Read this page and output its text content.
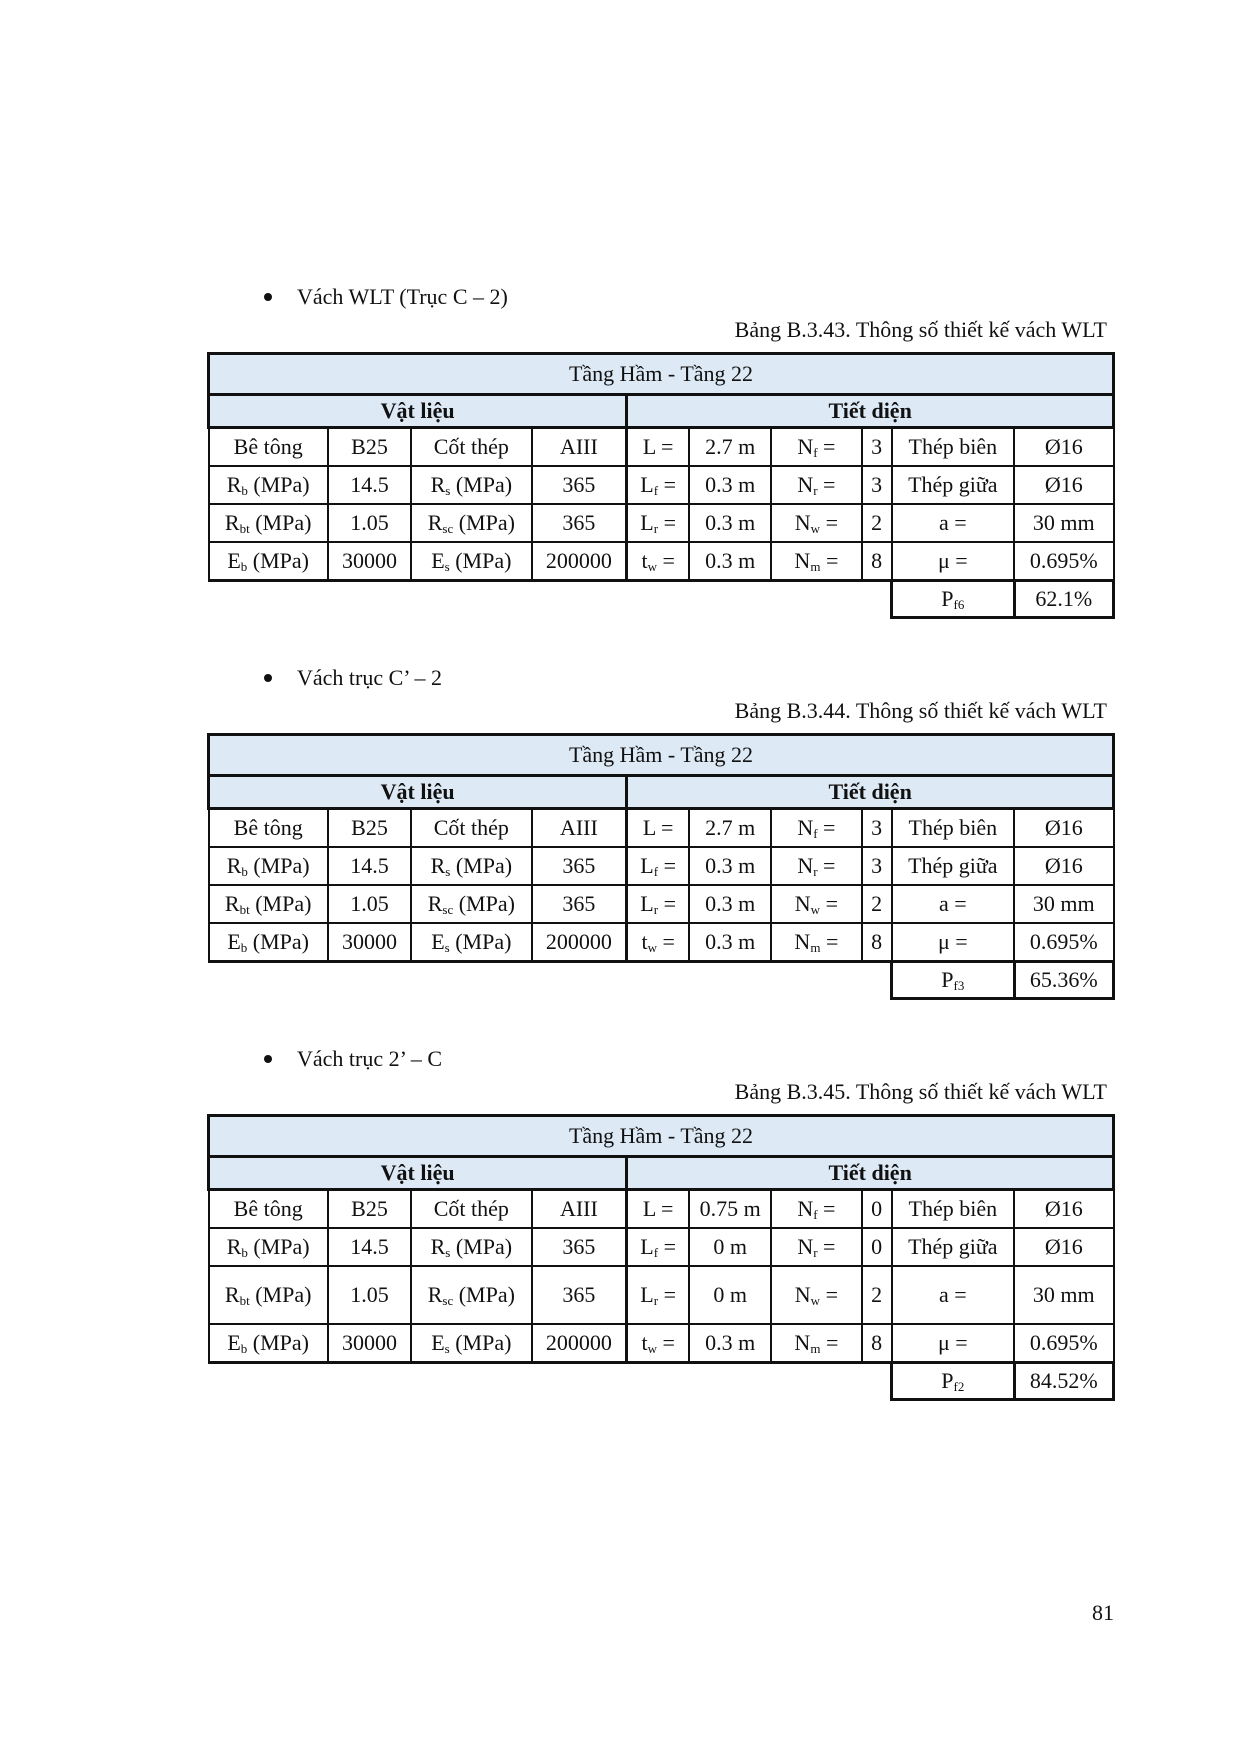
Vách WLT (Trục C – 2)
Bảng B.3.43. Thông số thiết kế vách WLT
Tầng Hầm - Tầng 22									
Vật liệu				Tiết diện					
Bê tông	B25	Cốt thép	AIII	L =	2.7 m	$N_f$ =	3	Thép biên	Ø16
$R_b$ (MPa)	14.5	$R_s$ (MPa)	365	$L_f$ =	0.3 m	$N_r$ =	3	Thép giữa	Ø16
$R_{bt}$ (MPa)	1.05	$R_{sc}$ (MPa)	365	$L_r$ =	0.3 m	$N_w$ =	2	a =	30 mm
$E_b$ (MPa)	30000	$E_s$ (MPa)	200000	$t_w$ =	0.3 m	$N_m$ =	8	μ =	0.695%
								$P_{f6}$	62.1%
Vách trục C’ – 2
Bảng B.3.44. Thông số thiết kế vách WLT
Tầng Hầm - Tầng 22									
Vật liệu				Tiết diện					
Bê tông	B25	Cốt thép	AIII	L =	2.7 m	$N_f$ =	3	Thép biên	Ø16
$R_b$ (MPa)	14.5	$R_s$ (MPa)	365	$L_f$ =	0.3 m	$N_r$ =	3	Thép giữa	Ø16
$R_{bt}$ (MPa)	1.05	$R_{sc}$ (MPa)	365	$L_r$ =	0.3 m	$N_w$ =	2	a =	30 mm
$E_b$ (MPa)	30000	$E_s$ (MPa)	200000	$t_w$ =	0.3 m	$N_m$ =	8	μ =	0.695%
								$P_{f3}$	65.36%
Vách trục 2’ – C
Bảng B.3.45. Thông số thiết kế vách WLT
Tầng Hầm - Tầng 22									
Vật liệu				Tiết diện					
Bê tông	B25	Cốt thép	AIII	L =	0.75 m	$N_f$ =	0	Thép biên	Ø16
$R_b$ (MPa)	14.5	$R_s$ (MPa)	365	$L_f$ =	0 m	$N_r$ =	0	Thép giữa	Ø16
$R_{bt}$ (MPa)	1.05	$R_{sc}$ (MPa)	365	$L_r$ =	0 m	$N_w$ =	2	a =	30 mm
$E_b$ (MPa)	30000	$E_s$ (MPa)	200000	$t_w$ =	0.3 m	$N_m$ =	8	μ =	0.695%
								$P_{f2}$	84.52%
81
